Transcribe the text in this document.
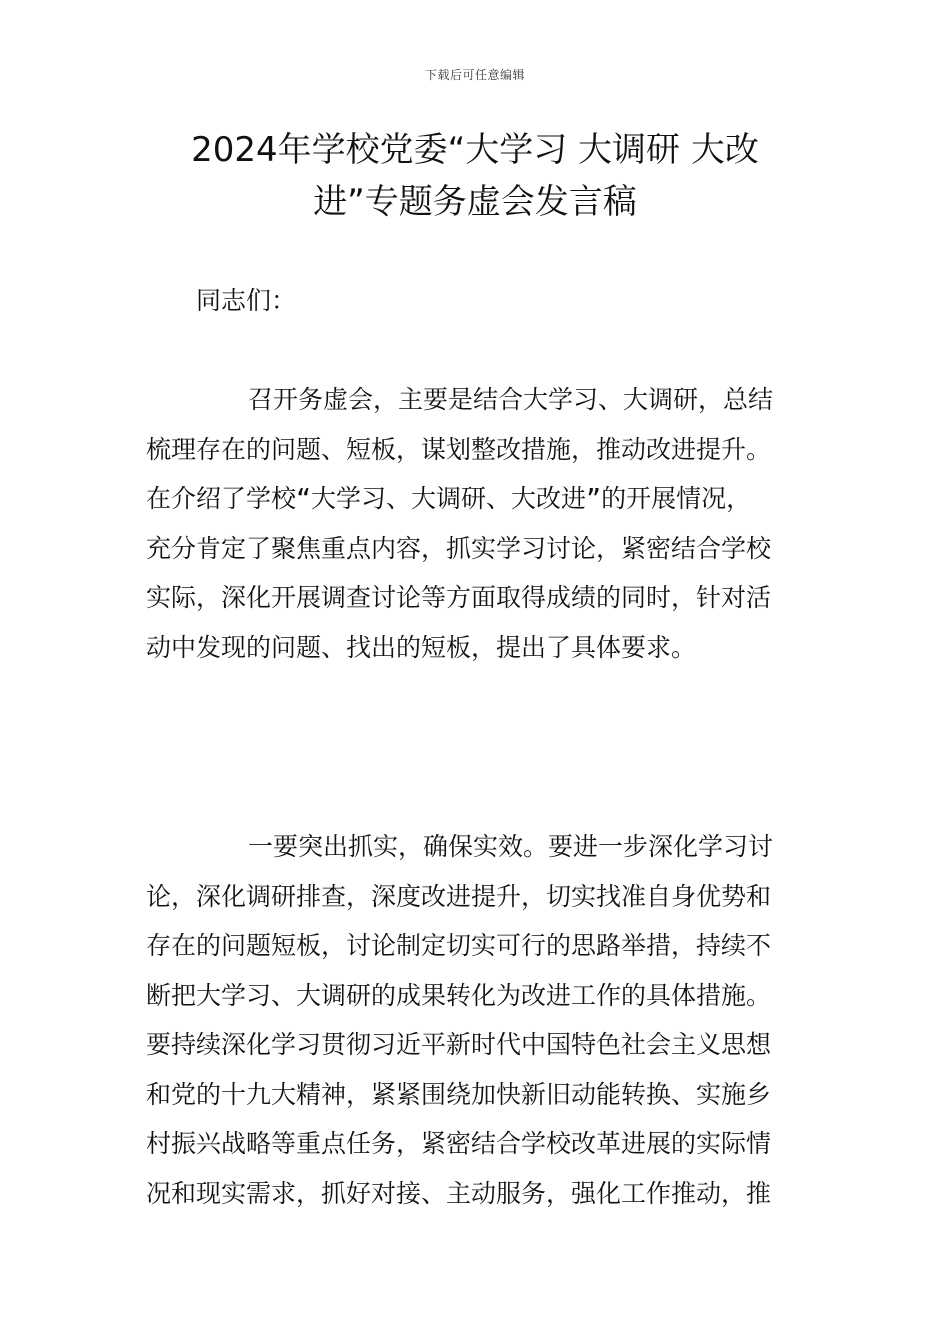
下载后可任意编辑
2024年学校党委“大学习 大调研 大改
进”专题务虚会发言稿

同志们：

召开务虚会，主要是结合大学习、大调研，总结
梳理存在的问题、短板，谋划整改措施，推动改进提升。
在介绍了学校“大学习、大调研、大改进”的开展情况，
充分肯定了聚焦重点内容，抓实学习讨论，紧密结合学校
实际，深化开展调查讨论等方面取得成绩的同时，针对活
动中发现的问题、找出的短板，提出了具体要求。

一要突出抓实，确保实效。要进一步深化学习讨
论，深化调研排查，深度改进提升，切实找准自身优势和
存在的问题短板，讨论制定切实可行的思路举措，持续不
断把大学习、大调研的成果转化为改进工作的具体措施。
要持续深化学习贯彻习近平新时代中国特色社会主义思想
和党的十九大精神，紧紧围绕加快新旧动能转换、实施乡
村振兴战略等重点任务，紧密结合学校改革进展的实际情
况和现实需求，抓好对接、主动服务，强化工作推动，推
